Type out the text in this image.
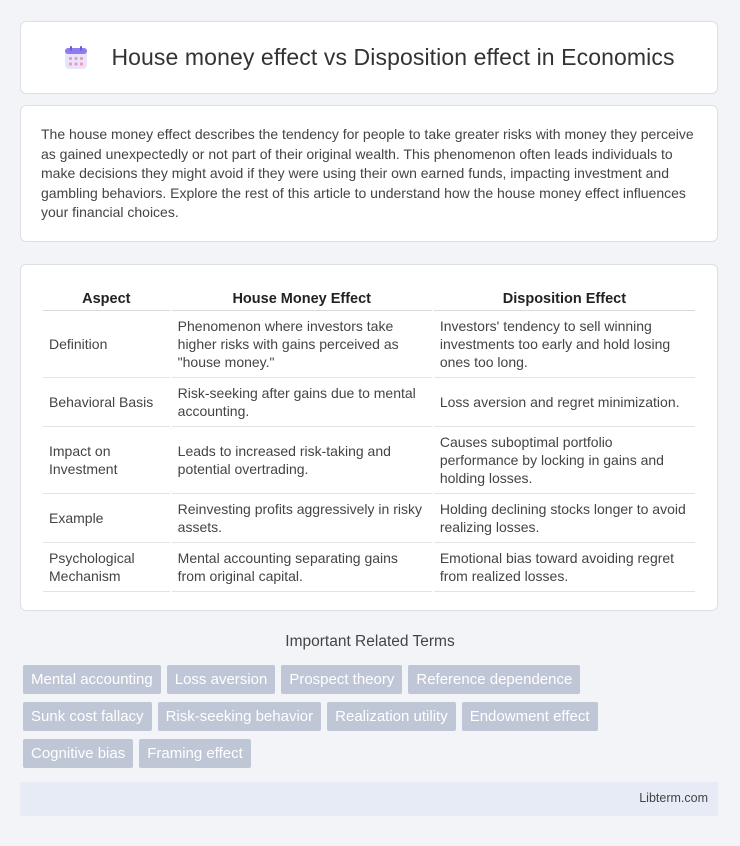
House money effect vs Disposition effect in Economics

The house money effect describes the tendency for people to take greater risks with money they perceive as gained unexpectedly or not part of their original wealth. This phenomenon often leads individuals to make decisions they might avoid if they were using their own earned funds, impacting investment and gambling behaviors. Explore the rest of this article to understand how the house money effect influences your financial choices.

Aspect	House Money Effect	Disposition Effect
Definition	Phenomenon where investors take higher risks with gains perceived as "house money."	Investors' tendency to sell winning investments too early and hold losing ones too long.
Behavioral Basis	Risk-seeking after gains due to mental accounting.	Loss aversion and regret minimization.
Impact on Investment	Leads to increased risk-taking and potential overtrading.	Causes suboptimal portfolio performance by locking in gains and holding losses.
Example	Reinvesting profits aggressively in risky assets.	Holding declining stocks longer to avoid realizing losses.
Psychological Mechanism	Mental accounting separating gains from original capital.	Emotional bias toward avoiding regret from realized losses.
Important Related Terms
Mental accounting	Loss aversion	Prospect theory	Reference dependence
Sunk cost fallacy	Risk-seeking behavior	Realization utility	Endowment effect
Cognitive bias	Framing effect
Libterm.com
